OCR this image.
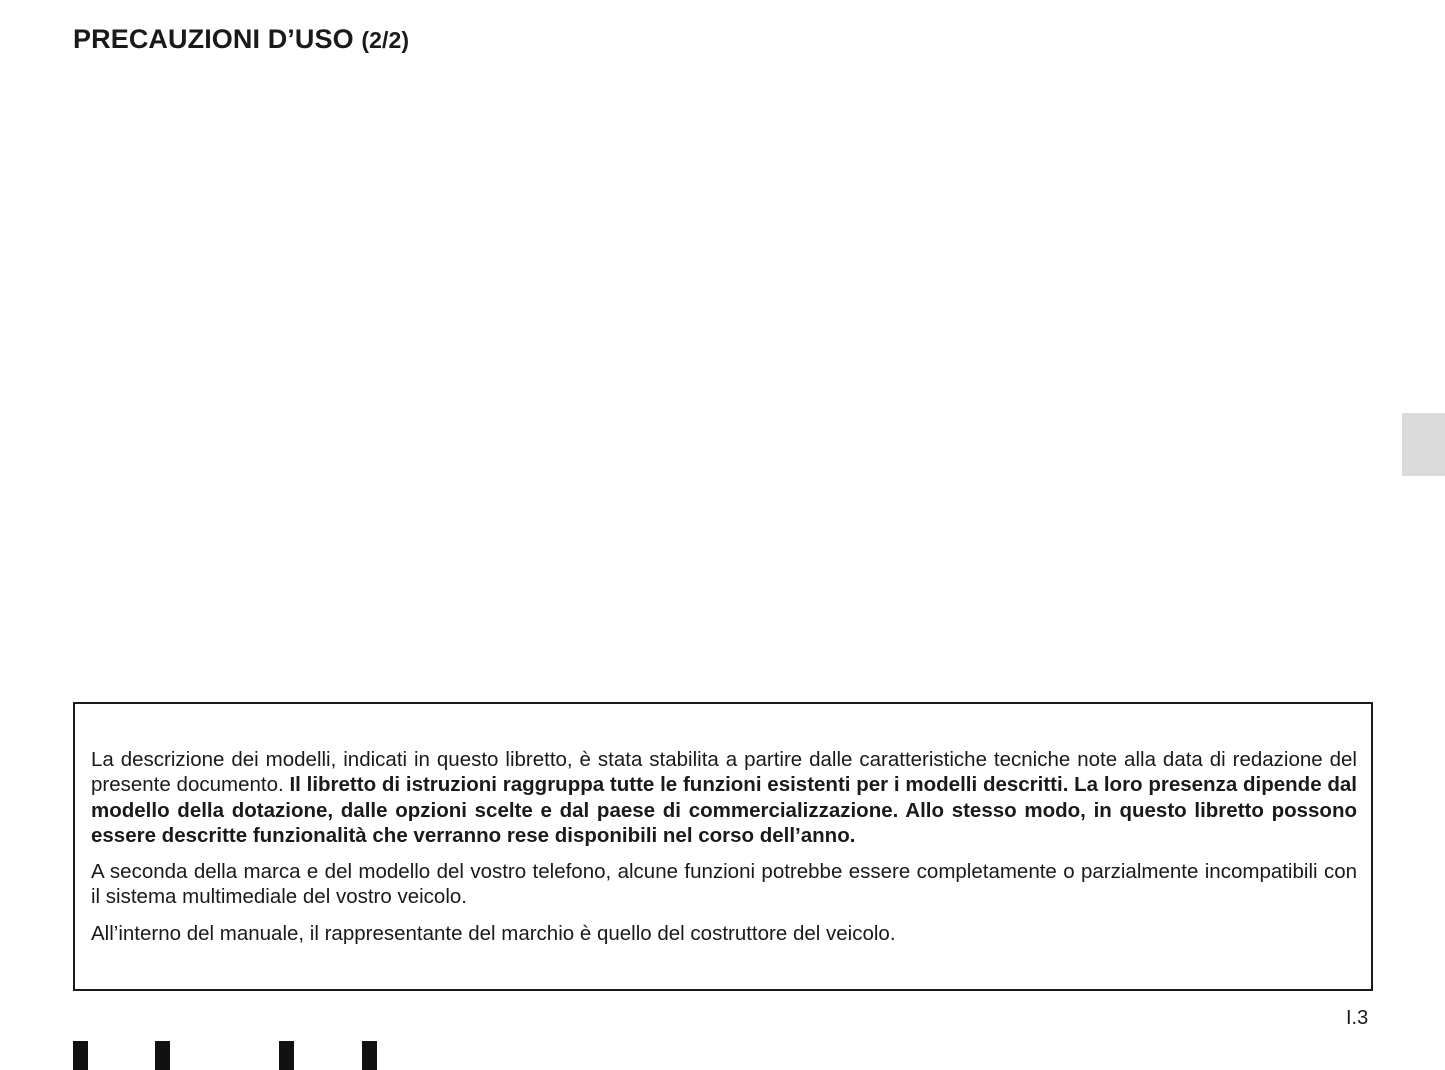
PRECAUZIONI D’USO (2/2)

La descrizione dei modelli, indicati in questo libretto, è stata stabilita a partire dalle caratteristiche tecniche note alla data di redazione del presente documento. Il libretto di istruzioni raggruppa tutte le funzioni esistenti per i modelli descritti. La loro presenza dipende dal modello della dotazione, dalle opzioni scelte e dal paese di commercializzazione. Allo stesso modo, in questo libretto possono essere descritte funzionalità che verranno rese disponibili nel corso dell’anno.

A seconda della marca e del modello del vostro telefono, alcune funzioni potrebbe essere completamente o parzialmente incompatibili con il sistema multimediale del vostro veicolo.

All’interno del manuale, il rappresentante del marchio è quello del costruttore del veicolo.

I.3
